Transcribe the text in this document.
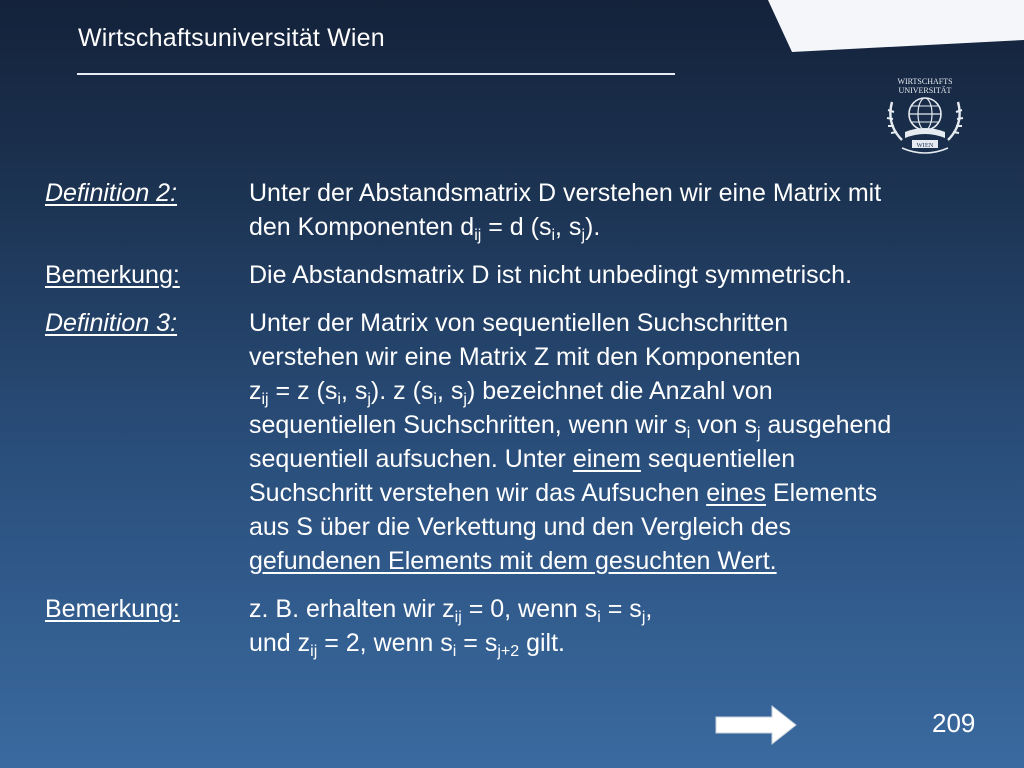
Wirtschaftsuniversität Wien
WIRTSCHAFTS
UNIVERSITÄT
WIEN
Definition 2:	Unter der Abstandsmatrix D verstehen wir eine Matrix mit
den Komponenten $d_{ij} = d$ ($s_i$, $s_j$).
Bemerkung:	Die Abstandsmatrix D ist nicht unbedingt symmetrisch.
Definition 3:	Unter der Matrix von sequentiellen Suchschritten
verstehen wir eine Matrix Z mit den Komponenten
$z_{ij} = z$ ($s_i$, $s_j$). z ($s_i$, $s_j$) bezeichnet die Anzahl von
sequentiellen Suchschritten, wenn wir $s_i$ von $s_j$ ausgehend
sequentiell aufsuchen. Unter einem sequentiellen
Suchschritt verstehen wir das Aufsuchen eines Elements
aus S über die Verkettung und den Vergleich des
gefundenen Elements mit dem gesuchten Wert.
Bemerkung:	z. B. erhalten wir $z_{ij} = 0$, wenn $s_i = s_j$,
und $z_{ij} = 2$, wenn $s_i = s_{j+2}$ gilt.
209
